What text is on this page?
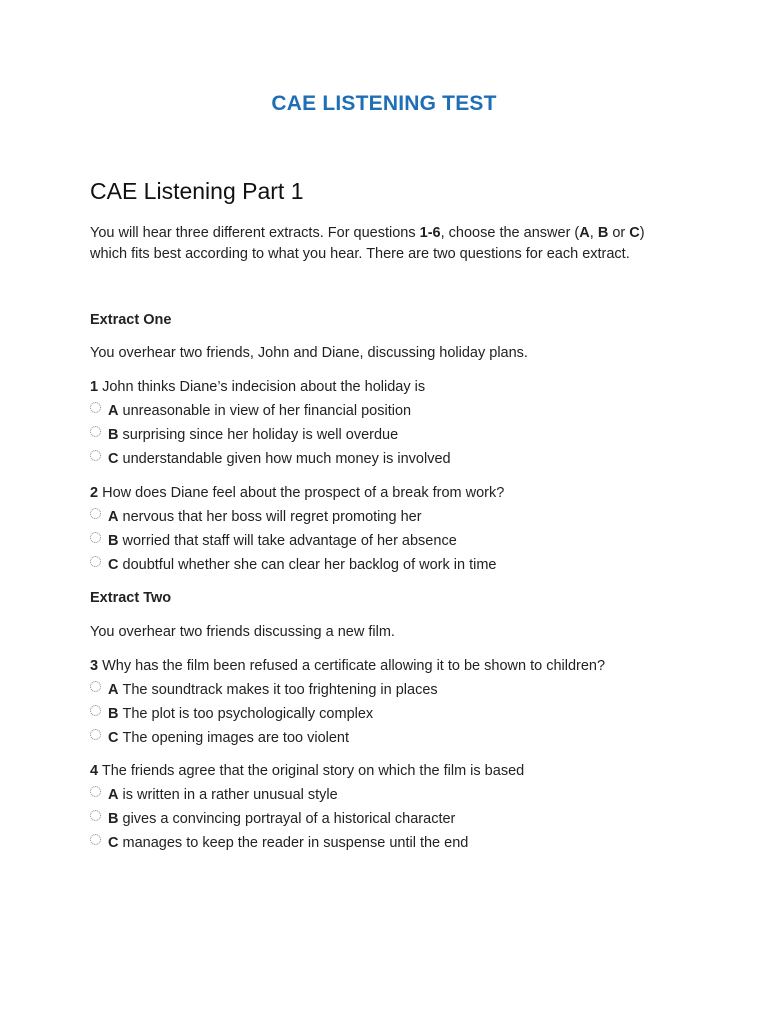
CAE LISTENING TEST
CAE Listening Part 1
You will hear three different extracts. For questions 1-6, choose the answer (A, B or C)
which fits best according to what you hear. There are two questions for each extract.
Extract One

You overhear two friends, John and Diane, discussing holiday plans.

1 John thinks Diane’s indecision about the holiday is

A
unreasonable in view of her financial position
B
surprising since her holiday is well overdue
C
understandable given how much money is involved

2 How does Diane feel about the prospect of a break from work?

A
nervous that her boss will regret promoting her
B
worried that staff will take advantage of her absence
C
doubtful whether she can clear her backlog of work in time
Extract Two

You overhear two friends discussing a new film.

3 Why has the film been refused a certificate allowing it to be shown to children?

A
The soundtrack makes it too frightening in places
B
The plot is too psychologically complex
C
The opening images are too violent

4 The friends agree that the original story on which the film is based

A
is written in a rather unusual style
B
gives a convincing portrayal of a historical character
C
manages to keep the reader in suspense until the end
